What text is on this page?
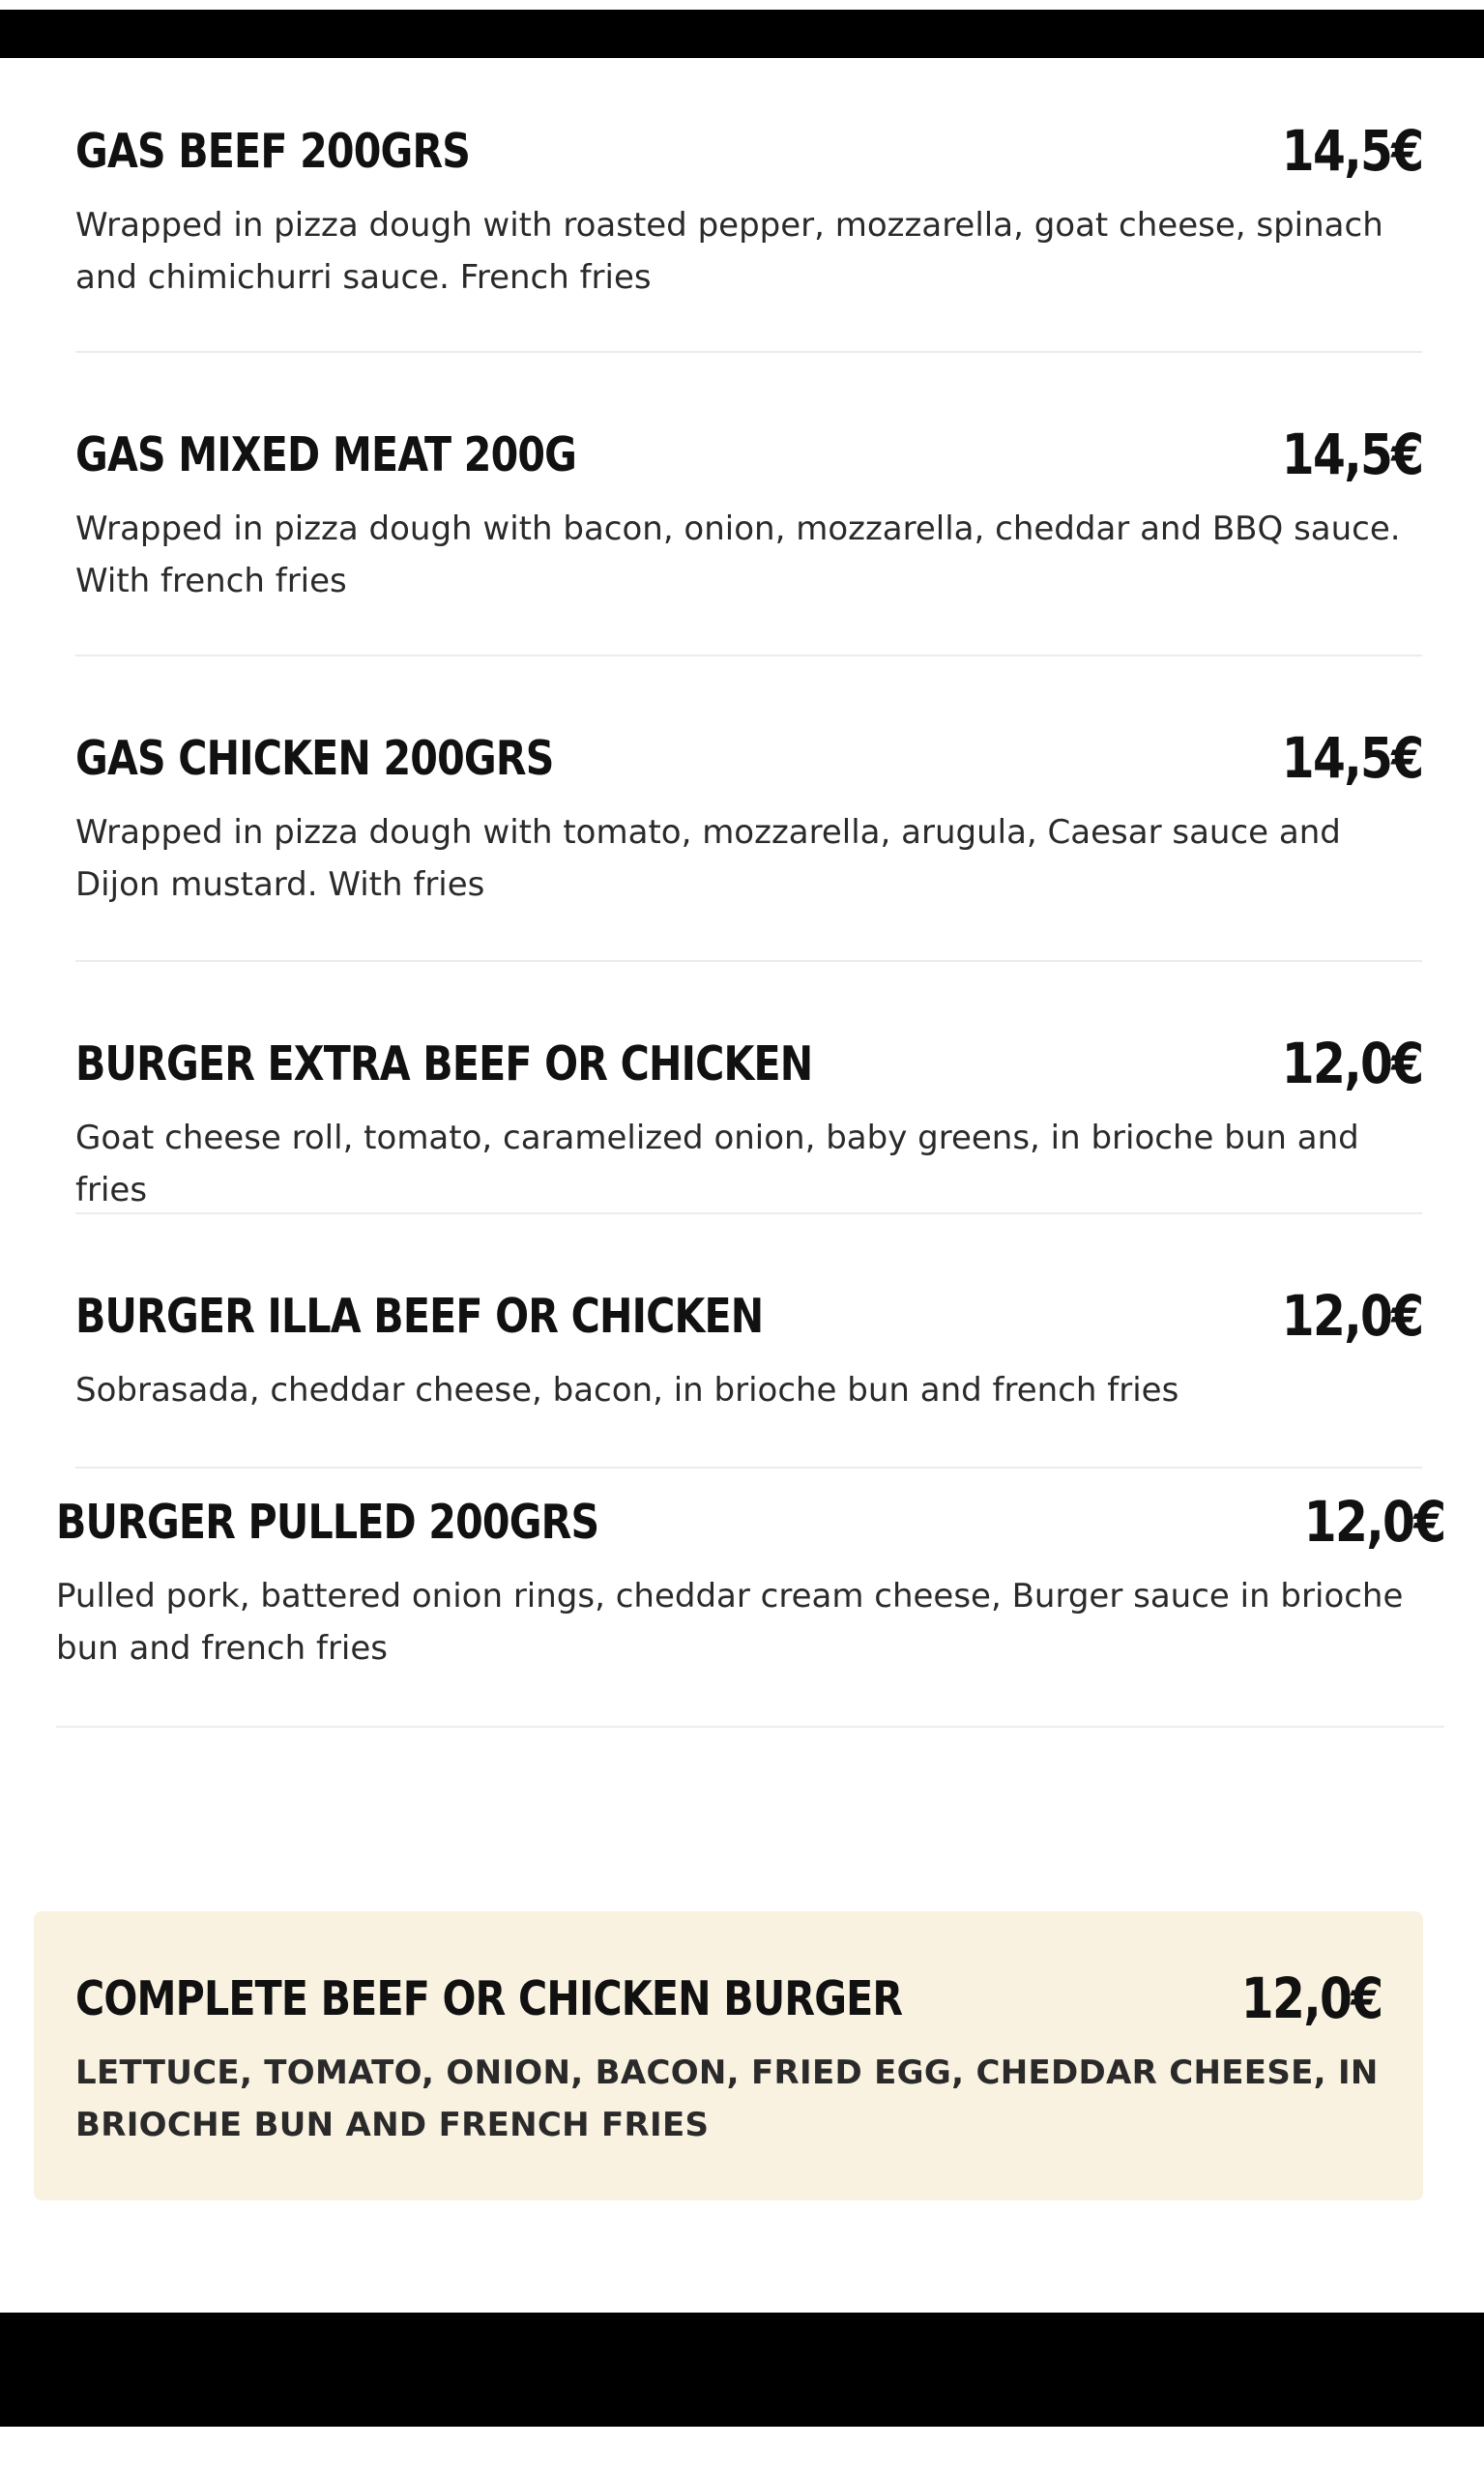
GAS BEEF 200GRS	14,5€
Wrapped in pizza dough with roasted pepper, mozzarella, goat cheese, spinach and chimichurri sauce. French fries
GAS MIXED MEAT 200G	14,5€
Wrapped in pizza dough with bacon, onion, mozzarella, cheddar and BBQ sauce. With french fries
GAS CHICKEN 200GRS	14,5€
Wrapped in pizza dough with tomato, mozzarella, arugula, Caesar sauce and Dijon mustard. With fries
BURGER EXTRA BEEF OR CHICKEN	12,0€
Goat cheese roll, tomato, caramelized onion, baby greens, in brioche bun and fries
BURGER ILLA BEEF OR CHICKEN	12,0€
Sobrasada, cheddar cheese, bacon, in brioche bun and french fries
BURGER PULLED 200GRS	12,0€
Pulled pork, battered onion rings, cheddar cream cheese, Burger sauce in brioche bun and french fries
COMPLETE BEEF OR CHICKEN BURGER	12,0€
LETTUCE, TOMATO, ONION, BACON, FRIED EGG, CHEDDAR CHEESE, IN BRIOCHE BUN AND FRENCH FRIES
